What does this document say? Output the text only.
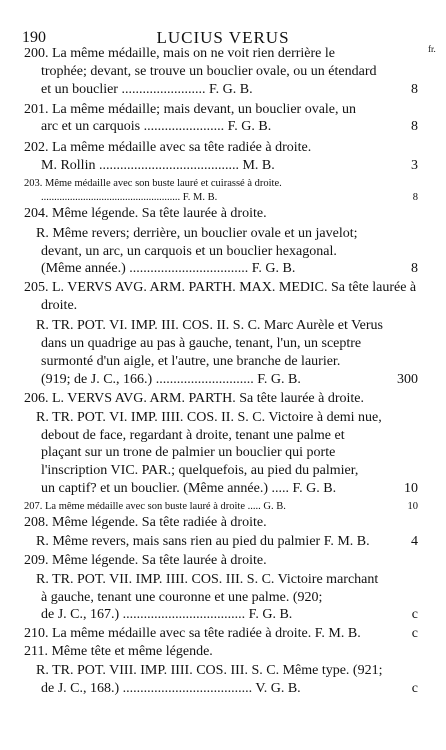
190	LUCIUS VERUS
fr.
200. La même médaille, mais on ne voit rien derrière le
trophée; devant, se trouve un bouclier ovale, ou un étendard
et un bouclier ........................ F. G. B.	8
201. La même médaille; mais devant, un bouclier ovale, un
arc et un carquois ....................... F. G. B.	8
202. La même médaille avec sa tête radiée à droite.
M. Rollin ........................................ M. B.	3
203. Même médaille avec son buste lauré et cuirassé à droite.
..................................................... F. M. B.	8
204. Même légende. Sa tête laurée à droite.
R. Même revers; derrière, un bouclier ovale et un javelot;
devant, un arc, un carquois et un bouclier hexagonal.
(Même année.) .................................. F. G. B.	8
205. L. VERVS AVG. ARM. PARTH. MAX. MEDIC. Sa tête laurée à
droite.
R. TR. POT. VI. IMP. III. COS. II. S. C. Marc Aurèle et Verus
dans un quadrige au pas à gauche, tenant, l'un, un sceptre
surmonté d'un aigle, et l'autre, une branche de laurier.
(919; de J. C., 166.) ............................ F. G. B.	300
206. L. VERVS AVG. ARM. PARTH. Sa tête laurée à droite.
R. TR. POT. VI. IMP. IIII. COS. II. S. C. Victoire à demi nue,
debout de face, regardant à droite, tenant une palme et
plaçant sur un trone de palmier un bouclier qui porte
l'inscription VIC. PAR.; quelquefois, au pied du palmier,
un captif? et un bouclier. (Même année.) ..... F. G. B.	10
207. La même médaille avec son buste lauré à droite ..... G. B.	10
208. Même légende. Sa tête radiée à droite.
R. Même revers, mais sans rien au pied du palmier F. M. B.	4
209. Même légende. Sa tête laurée à droite.
R. TR. POT. VII. IMP. IIII. COS. III. S. C. Victoire marchant
à gauche, tenant une couronne et une palme. (920;
de J. C., 167.) ................................... F. G. B.	c
210. La même médaille avec sa tête radiée à droite. F. M. B.	c
211. Même tête et même légende.
R. TR. POT. VIII. IMP. IIII. COS. III. S. C. Même type. (921;
de J. C., 168.) ..................................... V. G. B.	c
